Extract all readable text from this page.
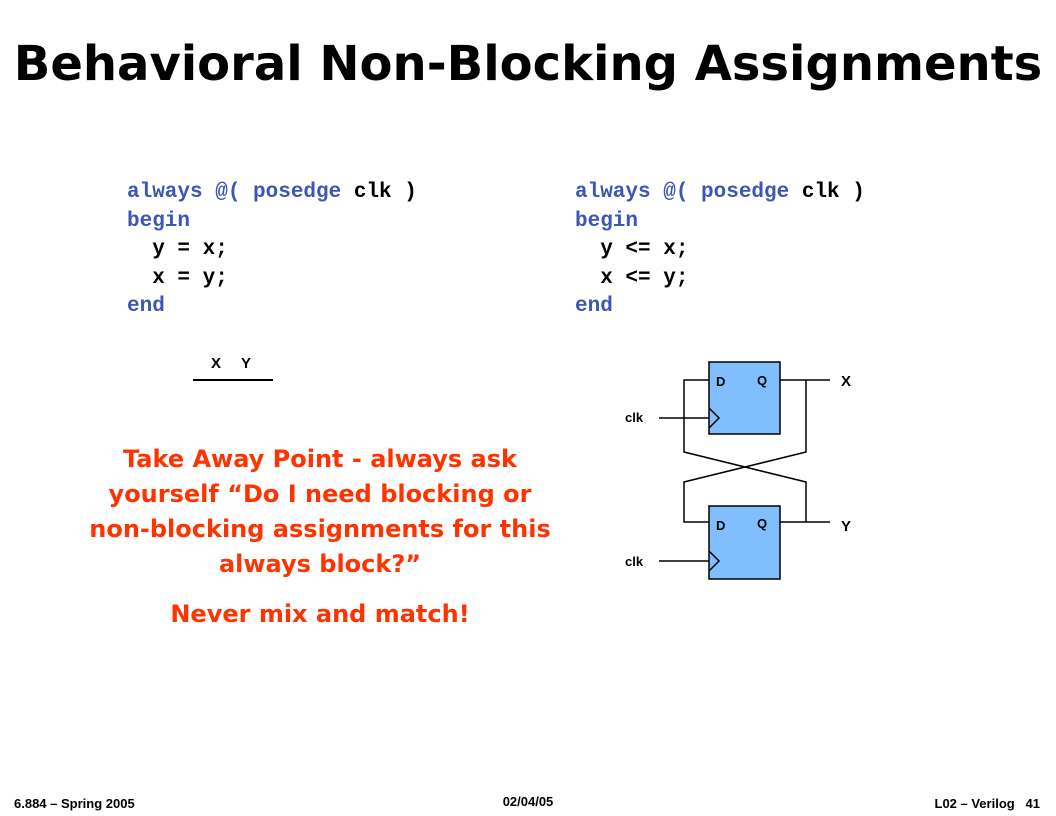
Behavioral Non-Blocking Assignments
always @( posedge clk )
begin
y = x;
x = y;
end
always @( posedge clk )
begin
y <= x;
x <= y;
end
X Y
Take Away Point - always ask
yourself “Do I need blocking or
non-blocking assignments for this
always block?”
Never mix and match!
D Q
D Q
clk
clk
X
Y
6.884 – Spring 2005	02/04/05	L02 – Verilog   41
